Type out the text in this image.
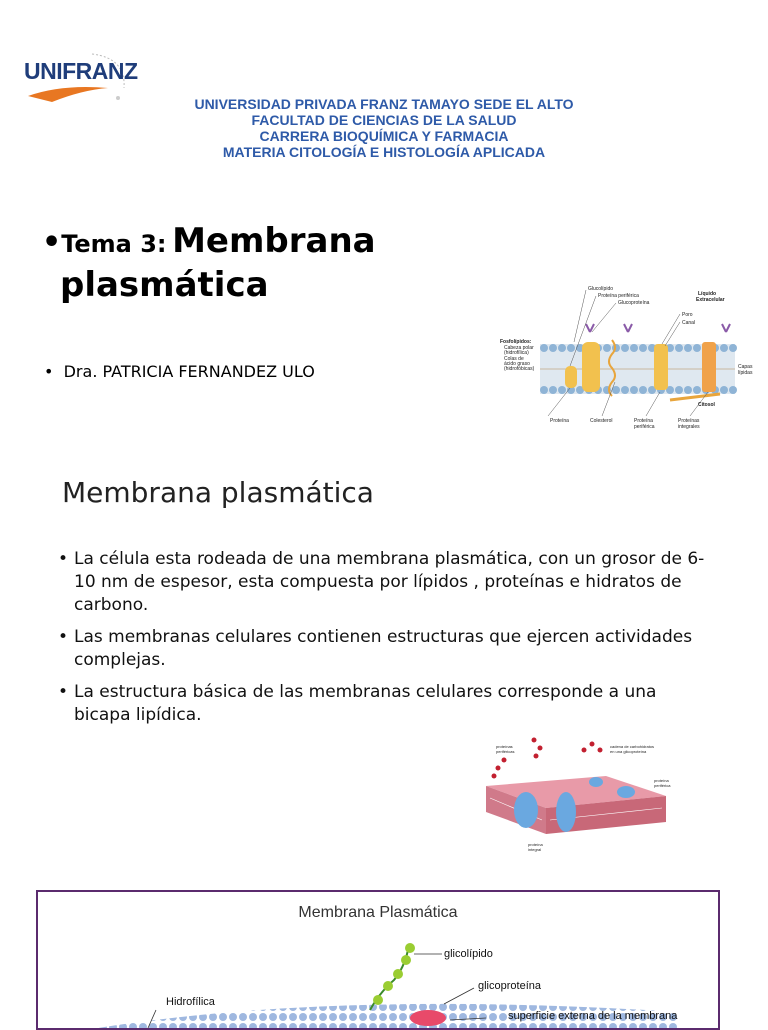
UNIFRANZ
UNIVERSIDAD PRIVADA FRANZ TAMAYO SEDE EL ALTO
FACULTAD DE CIENCIAS DE LA SALUD
CARRERA BIOQUÍMICA Y FARMACIA
MATERIA CITOLOGÍA E HISTOLOGÍA APLICADA
•Tema 3: Membrana
plasmática
•  Dra. PATRICIA FERNANDEZ ULO
Glucolípido
Proteína periférica
Glucoproteína
Líquido
Extracelular
Poro
Canal
Fosfolípidos:
Cabeza polar
(hidrofílica)
Colas de
ácido graso
(hidrofóbicas)	Capas
lípidas
Citosol
Proteína	Colesterol	Proteína
periférica
Proteínas
integrales
Membrana plasmática
• La célula esta rodeada de una membrana plasmática, con un grosor de 6-10 nm de espesor, esta compuesta por lípidos , proteínas e hidratos de carbono.
• Las membranas celulares contienen estructuras que ejercen actividades complejas.
• La estructura básica de las membranas celulares corresponde a una bicapa lipídica.
proteínas
periféricas
cadena de carbohidratos
en una glicoproteína
proteína
periférica
proteína
integral
Membrana Plasmática
glicolípido
glicoproteína
Hidrofílica
superficie externa de la membrana
